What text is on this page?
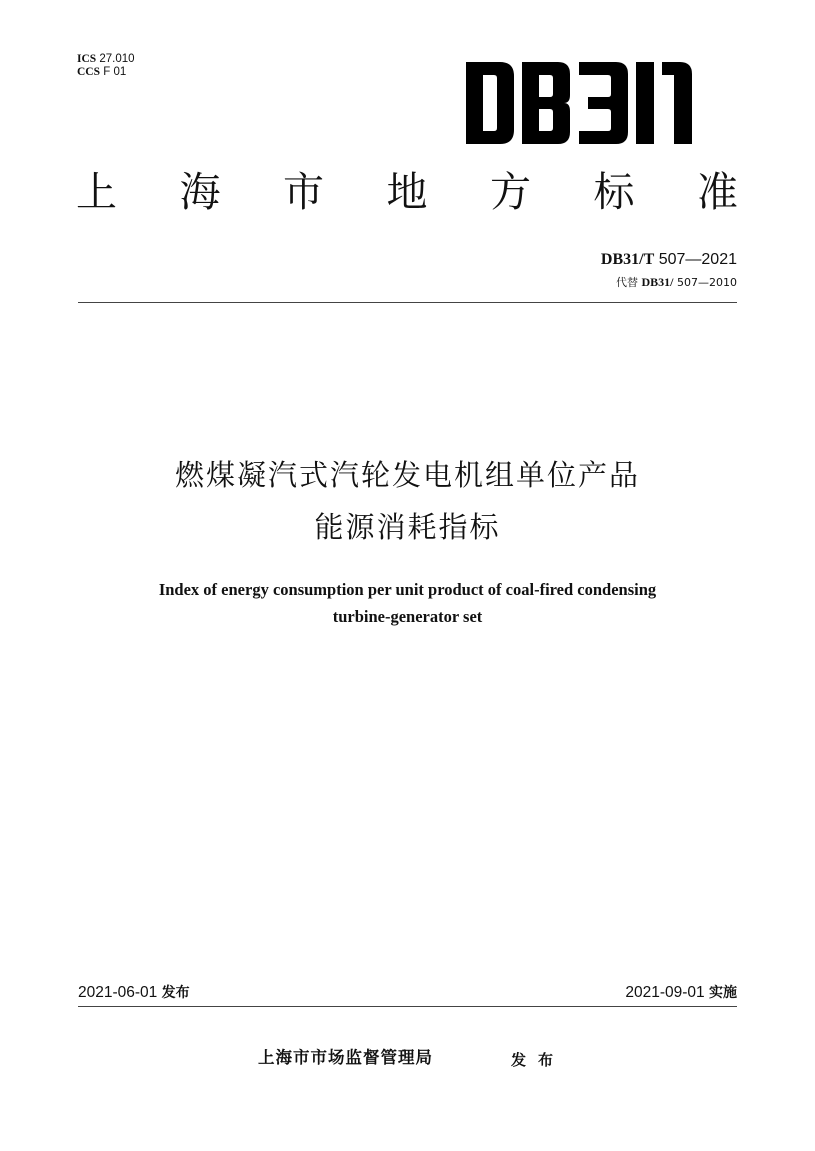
ICS 27.010
CCS F 01
上 海 市 地 方 标 准
DB31/T 507—2021
代替 DB31/ 507—2010
燃煤凝汽式汽轮发电机组单位产品
能源消耗指标
Index of energy consumption per unit product of coal-fired condensing
turbine-generator set
2021-06-01 发布	2021-09-01 实施
上海市市场监督管理局	发布
